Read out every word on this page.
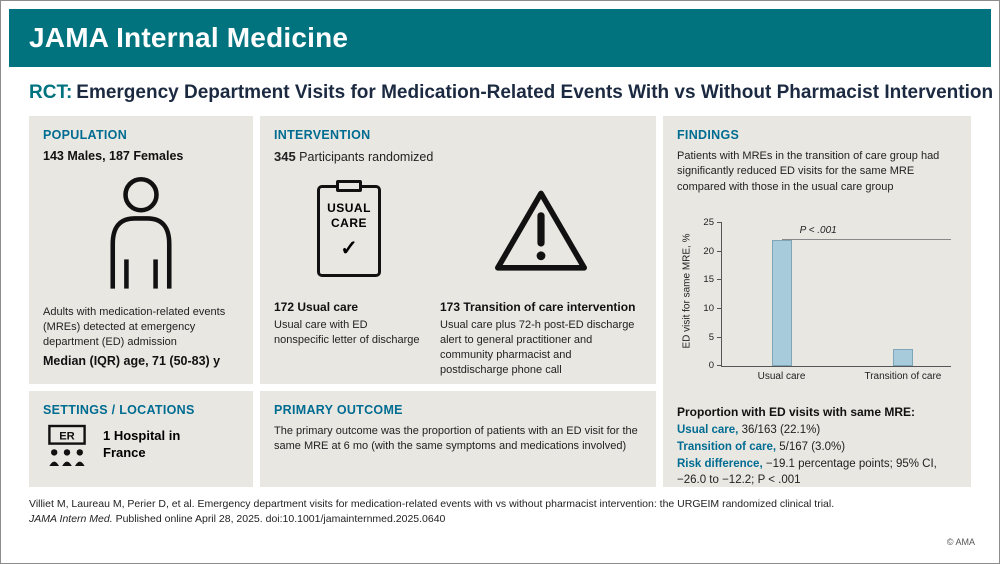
JAMA Internal Medicine
RCT: Emergency Department Visits for Medication-Related Events With vs Without Pharmacist Intervention
POPULATION
143 Males, 187 Females
Adults with medication-related events (MREs) detected at emergency department (ED) admission
Median (IQR) age, 71 (50-83) y
INTERVENTION
345 Participants randomized
USUAL CARE
✓
172 Usual care
Usual care with ED nonspecific letter of discharge
173 Transition of care intervention
Usual care plus 72-h post-ED discharge alert to general practitioner and community pharmacist and postdischarge phone call
FINDINGS
Patients with MREs in the transition of care group had significantly reduced ED visits for the same MRE compared with those in the usual care group
ED visit for same MRE, %
0
5
10
15
20
25
Usual care	Transition of care
P < .001
Proportion with ED visits with same MRE:
Usual care, 36/163 (22.1%)
Transition of care, 5/167 (3.0%)
Risk difference, −19.1 percentage points; 95% CI, −26.0 to −12.2; P < .001
SETTINGS / LOCATIONS
ER 1 Hospital in France
PRIMARY OUTCOME
The primary outcome was the proportion of patients with an ED visit for the same MRE at 6 mo (with the same symptoms and medications involved)
Villiet M, Laureau M, Perier D, et al. Emergency department visits for medication-related events with vs without pharmacist intervention: the URGEIM randomized clinical trial.
JAMA Intern Med. Published online April 28, 2025. doi:10.1001/jamainternmed.2025.0640
© AMA
